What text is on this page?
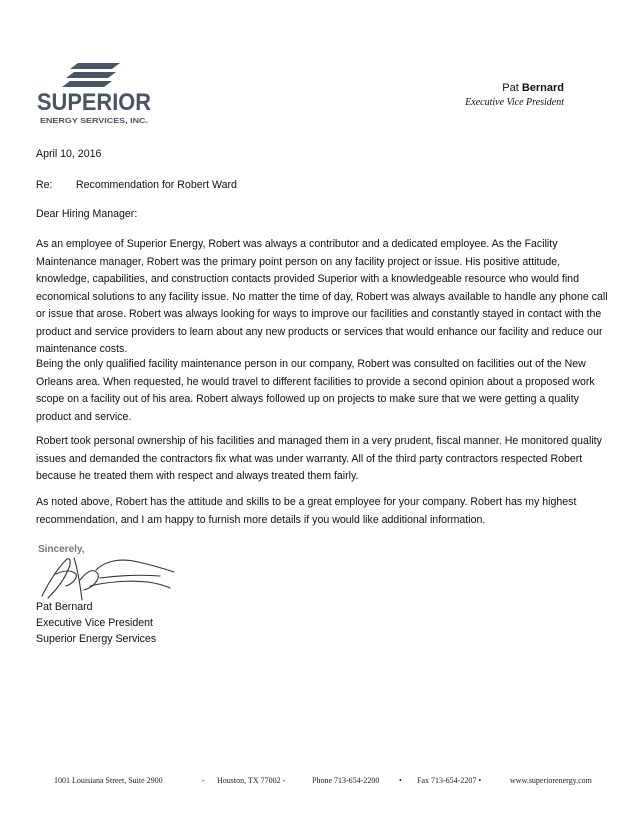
SUPERIOR
ENERGY SERVICES, INC.
Pat Bernard
Executive Vice President
April 10, 2016
Re: Recommendation for Robert Ward
Dear Hiring Manager:

As an employee of Superior Energy, Robert was always a contributor and a dedicated employee. As the Facility Maintenance manager, Robert was the primary point person on any facility project or issue. His positive attitude, knowledge, capabilities, and construction contacts provided Superior with a knowledgeable resource who would find economical solutions to any facility issue. No matter the time of day, Robert was always available to handle any phone call or issue that arose. Robert was always looking for ways to improve our facilities and constantly stayed in contact with the product and service providers to learn about any new products or services that would enhance our facility and reduce our maintenance costs.

Being the only qualified facility maintenance person in our company, Robert was consulted on facilities out of the New Orleans area. When requested, he would travel to different facilities to provide a second opinion about a proposed work scope on a facility out of his area. Robert always followed up on projects to make sure that we were getting a quality product and service.

Robert took personal ownership of his facilities and managed them in a very prudent, fiscal manner. He monitored quality issues and demanded the contractors fix what was under warranty. All of the third party contractors respected Robert because he treated them with respect and always treated them fairly.

As noted above, Robert has the attitude and skills to be a great employee for your company. Robert has my highest recommendation, and I am happy to furnish more details if you would like additional information.

Sincerely,
Pat Bernard
Executive Vice President
Superior Energy Services
1001 Louisiana Street, Suite 2900	- Houston, TX 77002 -	Phone 713-654-2200 • Fax 713-654-2207 •	www.superiorenergy.com
